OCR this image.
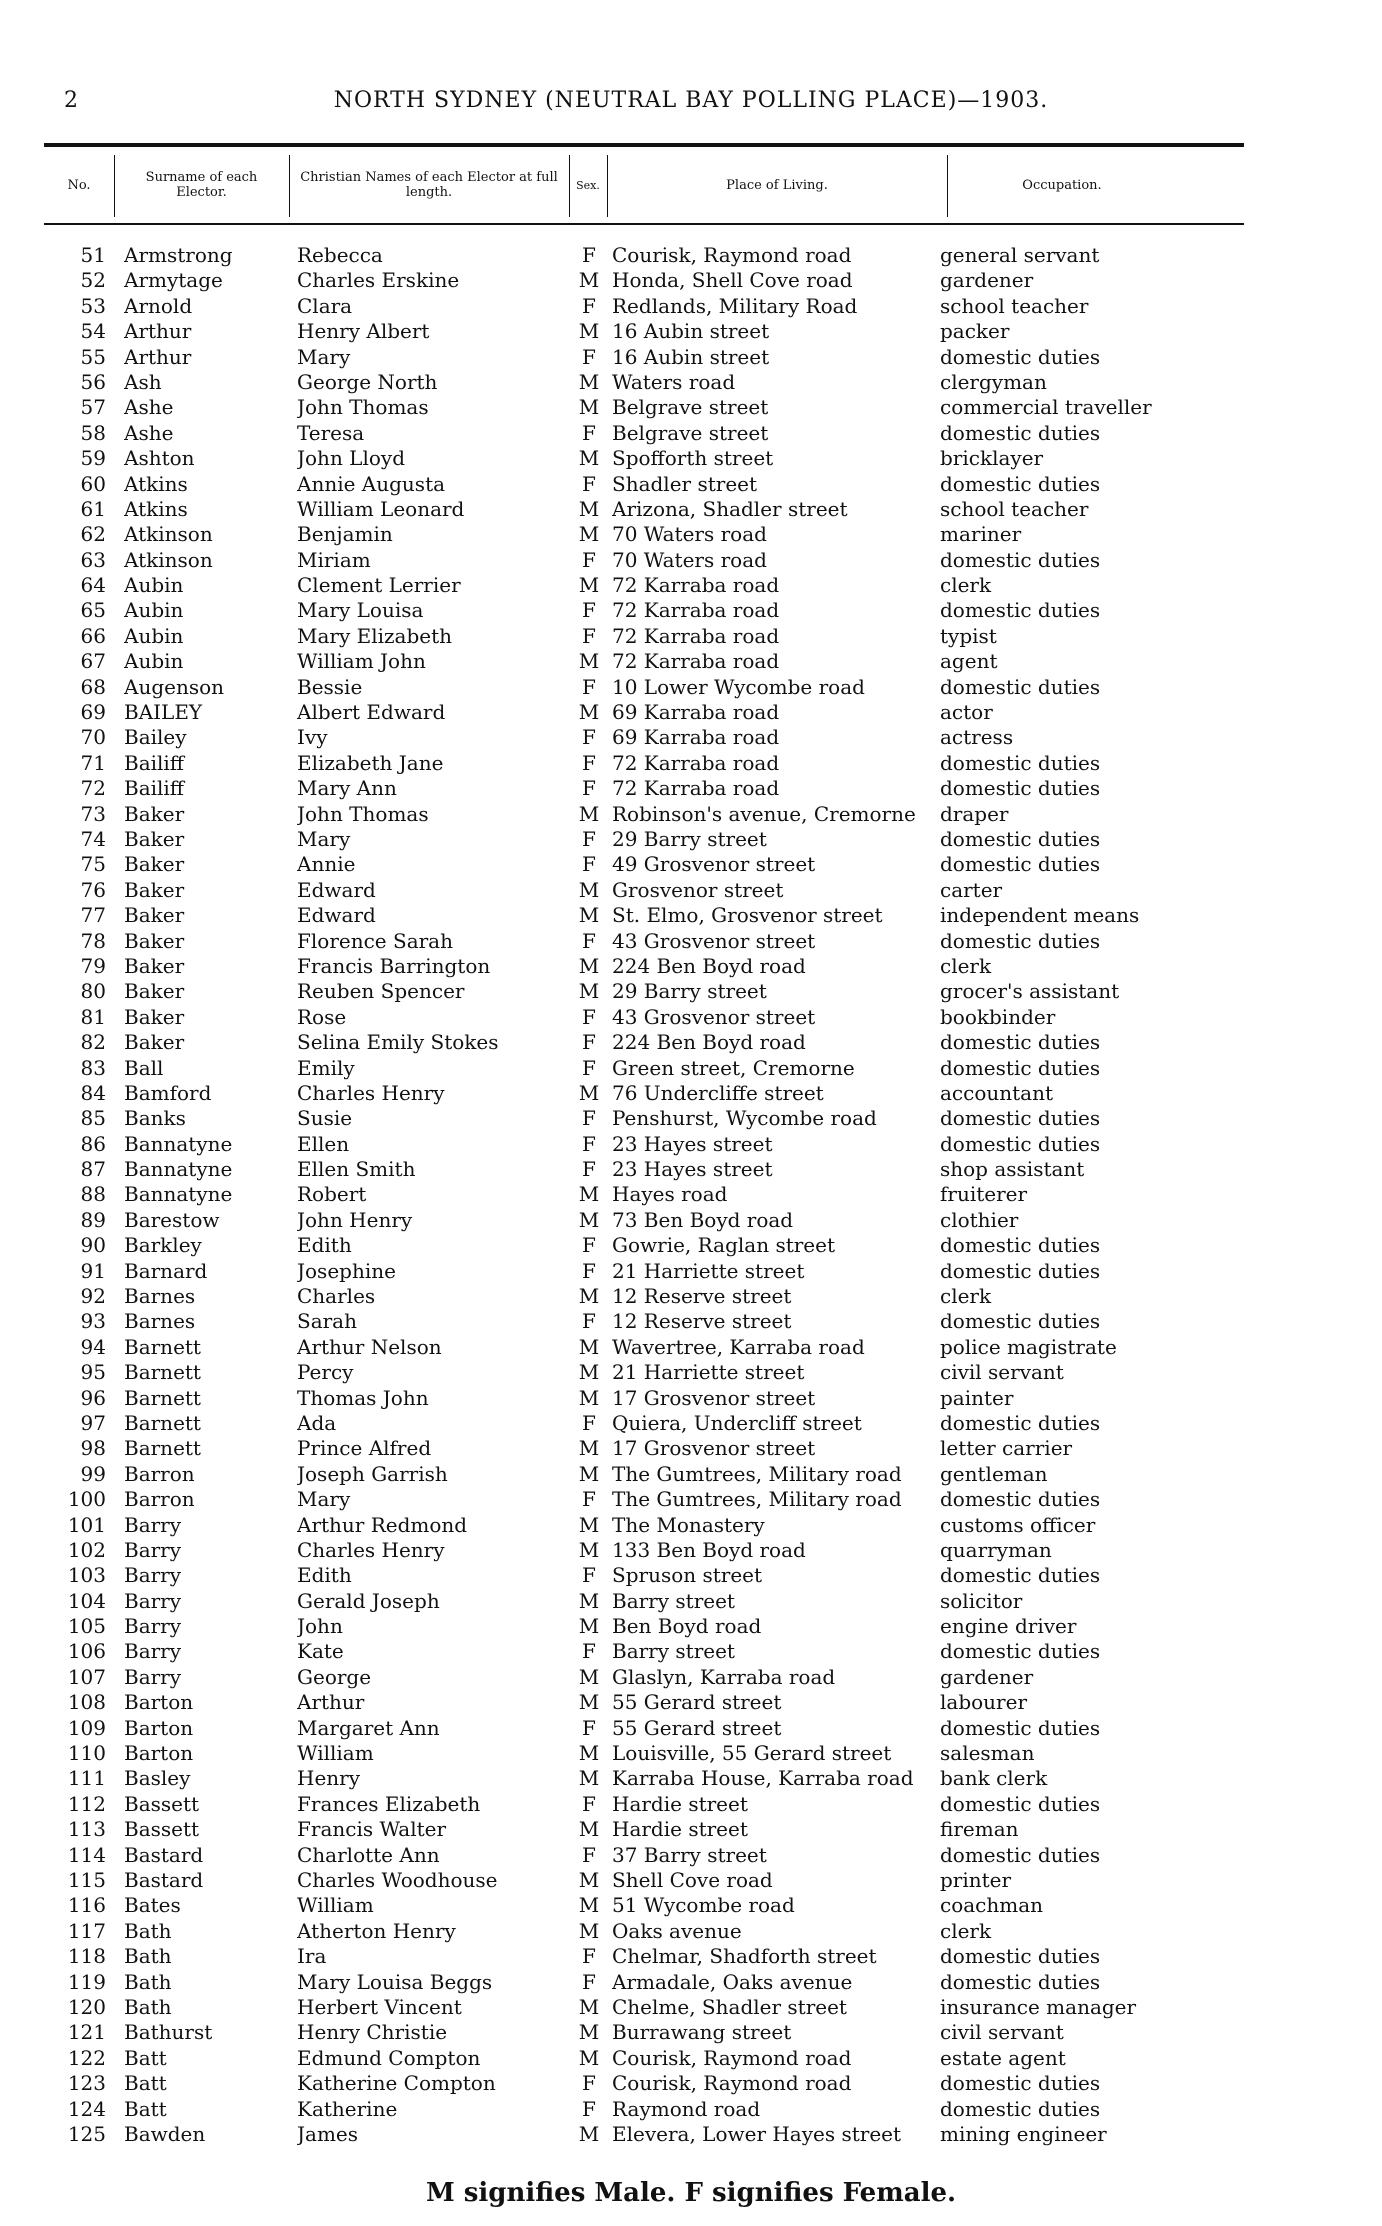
2	NORTH SYDNEY (NEUTRAL BAY POLLING PLACE)—1903.
No.	Surname of each Elector.
Christian Names of each Elector at full length.	Sex.	Place of Living.	Occupation.
51 Armstrong	Rebecca	F Courisk, Raymond road	general servant
52 Armytage	Charles Erskine	M Honda, Shell Cove road	gardener
53 Arnold	Clara	F Redlands, Military Road	school teacher
54 Arthur	Henry Albert	M 16 Aubin street	packer
55 Arthur	Mary	F 16 Aubin street	domestic duties
56 Ash	George North	M Waters road	clergyman
57 Ashe	John Thomas	M Belgrave street	commercial traveller
58 Ashe	Teresa	F Belgrave street	domestic duties
59 Ashton	John Lloyd	M Spofforth street	bricklayer
60 Atkins	Annie Augusta	F Shadler street	domestic duties
61 Atkins	William Leonard	M Arizona, Shadler street	school teacher
62 Atkinson	Benjamin	M 70 Waters road	mariner
63 Atkinson	Miriam	F 70 Waters road	domestic duties
64 Aubin	Clement Lerrier	M 72 Karraba road	clerk
65 Aubin	Mary Louisa	F 72 Karraba road	domestic duties
66 Aubin	Mary Elizabeth	F 72 Karraba road	typist
67 Aubin	William John	M 72 Karraba road	agent
68 Augenson	Bessie	F 10 Lower Wycombe road	domestic duties
69 BAILEY	Albert Edward	M 69 Karraba road	actor
70 Bailey	Ivy	F 69 Karraba road	actress
71 Bailiff	Elizabeth Jane	F 72 Karraba road	domestic duties
72 Bailiff	Mary Ann	F 72 Karraba road	domestic duties
73 Baker	John Thomas	M Robinson's avenue, Cremorne	draper
74 Baker	Mary	F 29 Barry street	domestic duties
75 Baker	Annie	F 49 Grosvenor street	domestic duties
76 Baker	Edward	M Grosvenor street	carter
77 Baker	Edward	M St. Elmo, Grosvenor street	independent means
78 Baker	Florence Sarah	F 43 Grosvenor street	domestic duties
79 Baker	Francis Barrington	M 224 Ben Boyd road	clerk
80 Baker	Reuben Spencer	M 29 Barry street	grocer's assistant
81 Baker	Rose	F 43 Grosvenor street	bookbinder
82 Baker	Selina Emily Stokes	F 224 Ben Boyd road	domestic duties
83 Ball	Emily	F Green street, Cremorne	domestic duties
84 Bamford	Charles Henry	M 76 Undercliffe street	accountant
85 Banks	Susie	F Penshurst, Wycombe road	domestic duties
86 Bannatyne	Ellen	F 23 Hayes street	domestic duties
87 Bannatyne	Ellen Smith	F 23 Hayes street	shop assistant
88 Bannatyne	Robert	M Hayes road	fruiterer
89 Barestow	John Henry	M 73 Ben Boyd road	clothier
90 Barkley	Edith	F Gowrie, Raglan street	domestic duties
91 Barnard	Josephine	F 21 Harriette street	domestic duties
92 Barnes	Charles	M 12 Reserve street	clerk
93 Barnes	Sarah	F 12 Reserve street	domestic duties
94 Barnett	Arthur Nelson	M Wavertree, Karraba road	police magistrate
95 Barnett	Percy	M 21 Harriette street	civil servant
96 Barnett	Thomas John	M 17 Grosvenor street	painter
97 Barnett	Ada	F Quiera, Undercliff street	domestic duties
98 Barnett	Prince Alfred	M 17 Grosvenor street	letter carrier
99 Barron	Joseph Garrish	M The Gumtrees, Military road	gentleman
100 Barron	Mary	F The Gumtrees, Military road	domestic duties
101 Barry	Arthur Redmond	M The Monastery	customs officer
102 Barry	Charles Henry	M 133 Ben Boyd road	quarryman
103 Barry	Edith	F Spruson street	domestic duties
104 Barry	Gerald Joseph	M Barry street	solicitor
105 Barry	John	M Ben Boyd road	engine driver
106 Barry	Kate	F Barry street	domestic duties
107 Barry	George	M Glaslyn, Karraba road	gardener
108 Barton	Arthur	M 55 Gerard street	labourer
109 Barton	Margaret Ann	F 55 Gerard street	domestic duties
110 Barton	William	M Louisville, 55 Gerard street	salesman
111 Basley	Henry	M Karraba House, Karraba road	bank clerk
112 Bassett	Frances Elizabeth	F Hardie street	domestic duties
113 Bassett	Francis Walter	M Hardie street	fireman
114 Bastard	Charlotte Ann	F 37 Barry street	domestic duties
115 Bastard	Charles Woodhouse	M Shell Cove road	printer
116 Bates	William	M 51 Wycombe road	coachman
117 Bath	Atherton Henry	M Oaks avenue	clerk
118 Bath	Ira	F Chelmar, Shadforth street	domestic duties
119 Bath	Mary Louisa Beggs	F Armadale, Oaks avenue	domestic duties
120 Bath	Herbert Vincent	M Chelme, Shadler street	insurance manager
121 Bathurst	Henry Christie	M Burrawang street	civil servant
122 Batt	Edmund Compton	M Courisk, Raymond road	estate agent
123 Batt	Katherine Compton	F Courisk, Raymond road	domestic duties
124 Batt	Katherine	F Raymond road	domestic duties
125 Bawden	James	M Elevera, Lower Hayes street	mining engineer
M signifies Male. F signifies Female.
